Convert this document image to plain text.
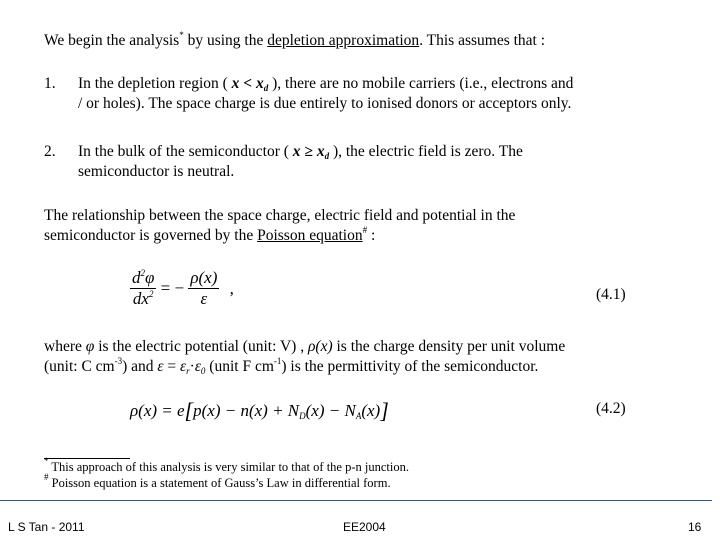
We begin the analysis* by using the depletion approximation. This assumes that :
1. In the depletion region ( $x < x_d$ ), there are no mobile carriers (i.e., electrons and
/ or holes). The space charge is due entirely to ionised donors or acceptors only.
2. In the bulk of the semiconductor ( $x \ge x_d$ ), the electric field is zero. The
semiconductor is neutral.
The relationship between the space charge, electric field and potential in the
semiconductor is governed by the Poisson equation# :
$\frac{d^2\varphi}{dx^2}$ = − $\frac{\rho(x)}{\varepsilon}$ ,	(4.1)
where φ is the electric potential (unit: V) , ρ(x) is the charge density per unit volume
(unit: C $cm^{-3}$) and $\varepsilon = \varepsilon_r\cdot\varepsilon_0$ (unit F $cm^{-1}$) is the permittivity of the semiconductor.
$\rho(x) = e[p(x) - n(x) + N_D(x) - N_A(x)]$	(4.2)
* This approach of this analysis is very similar to that of the p-n junction.
# Poisson equation is a statement of Gauss’s Law in differential form.
L S Tan - 2011	EE2004	16
